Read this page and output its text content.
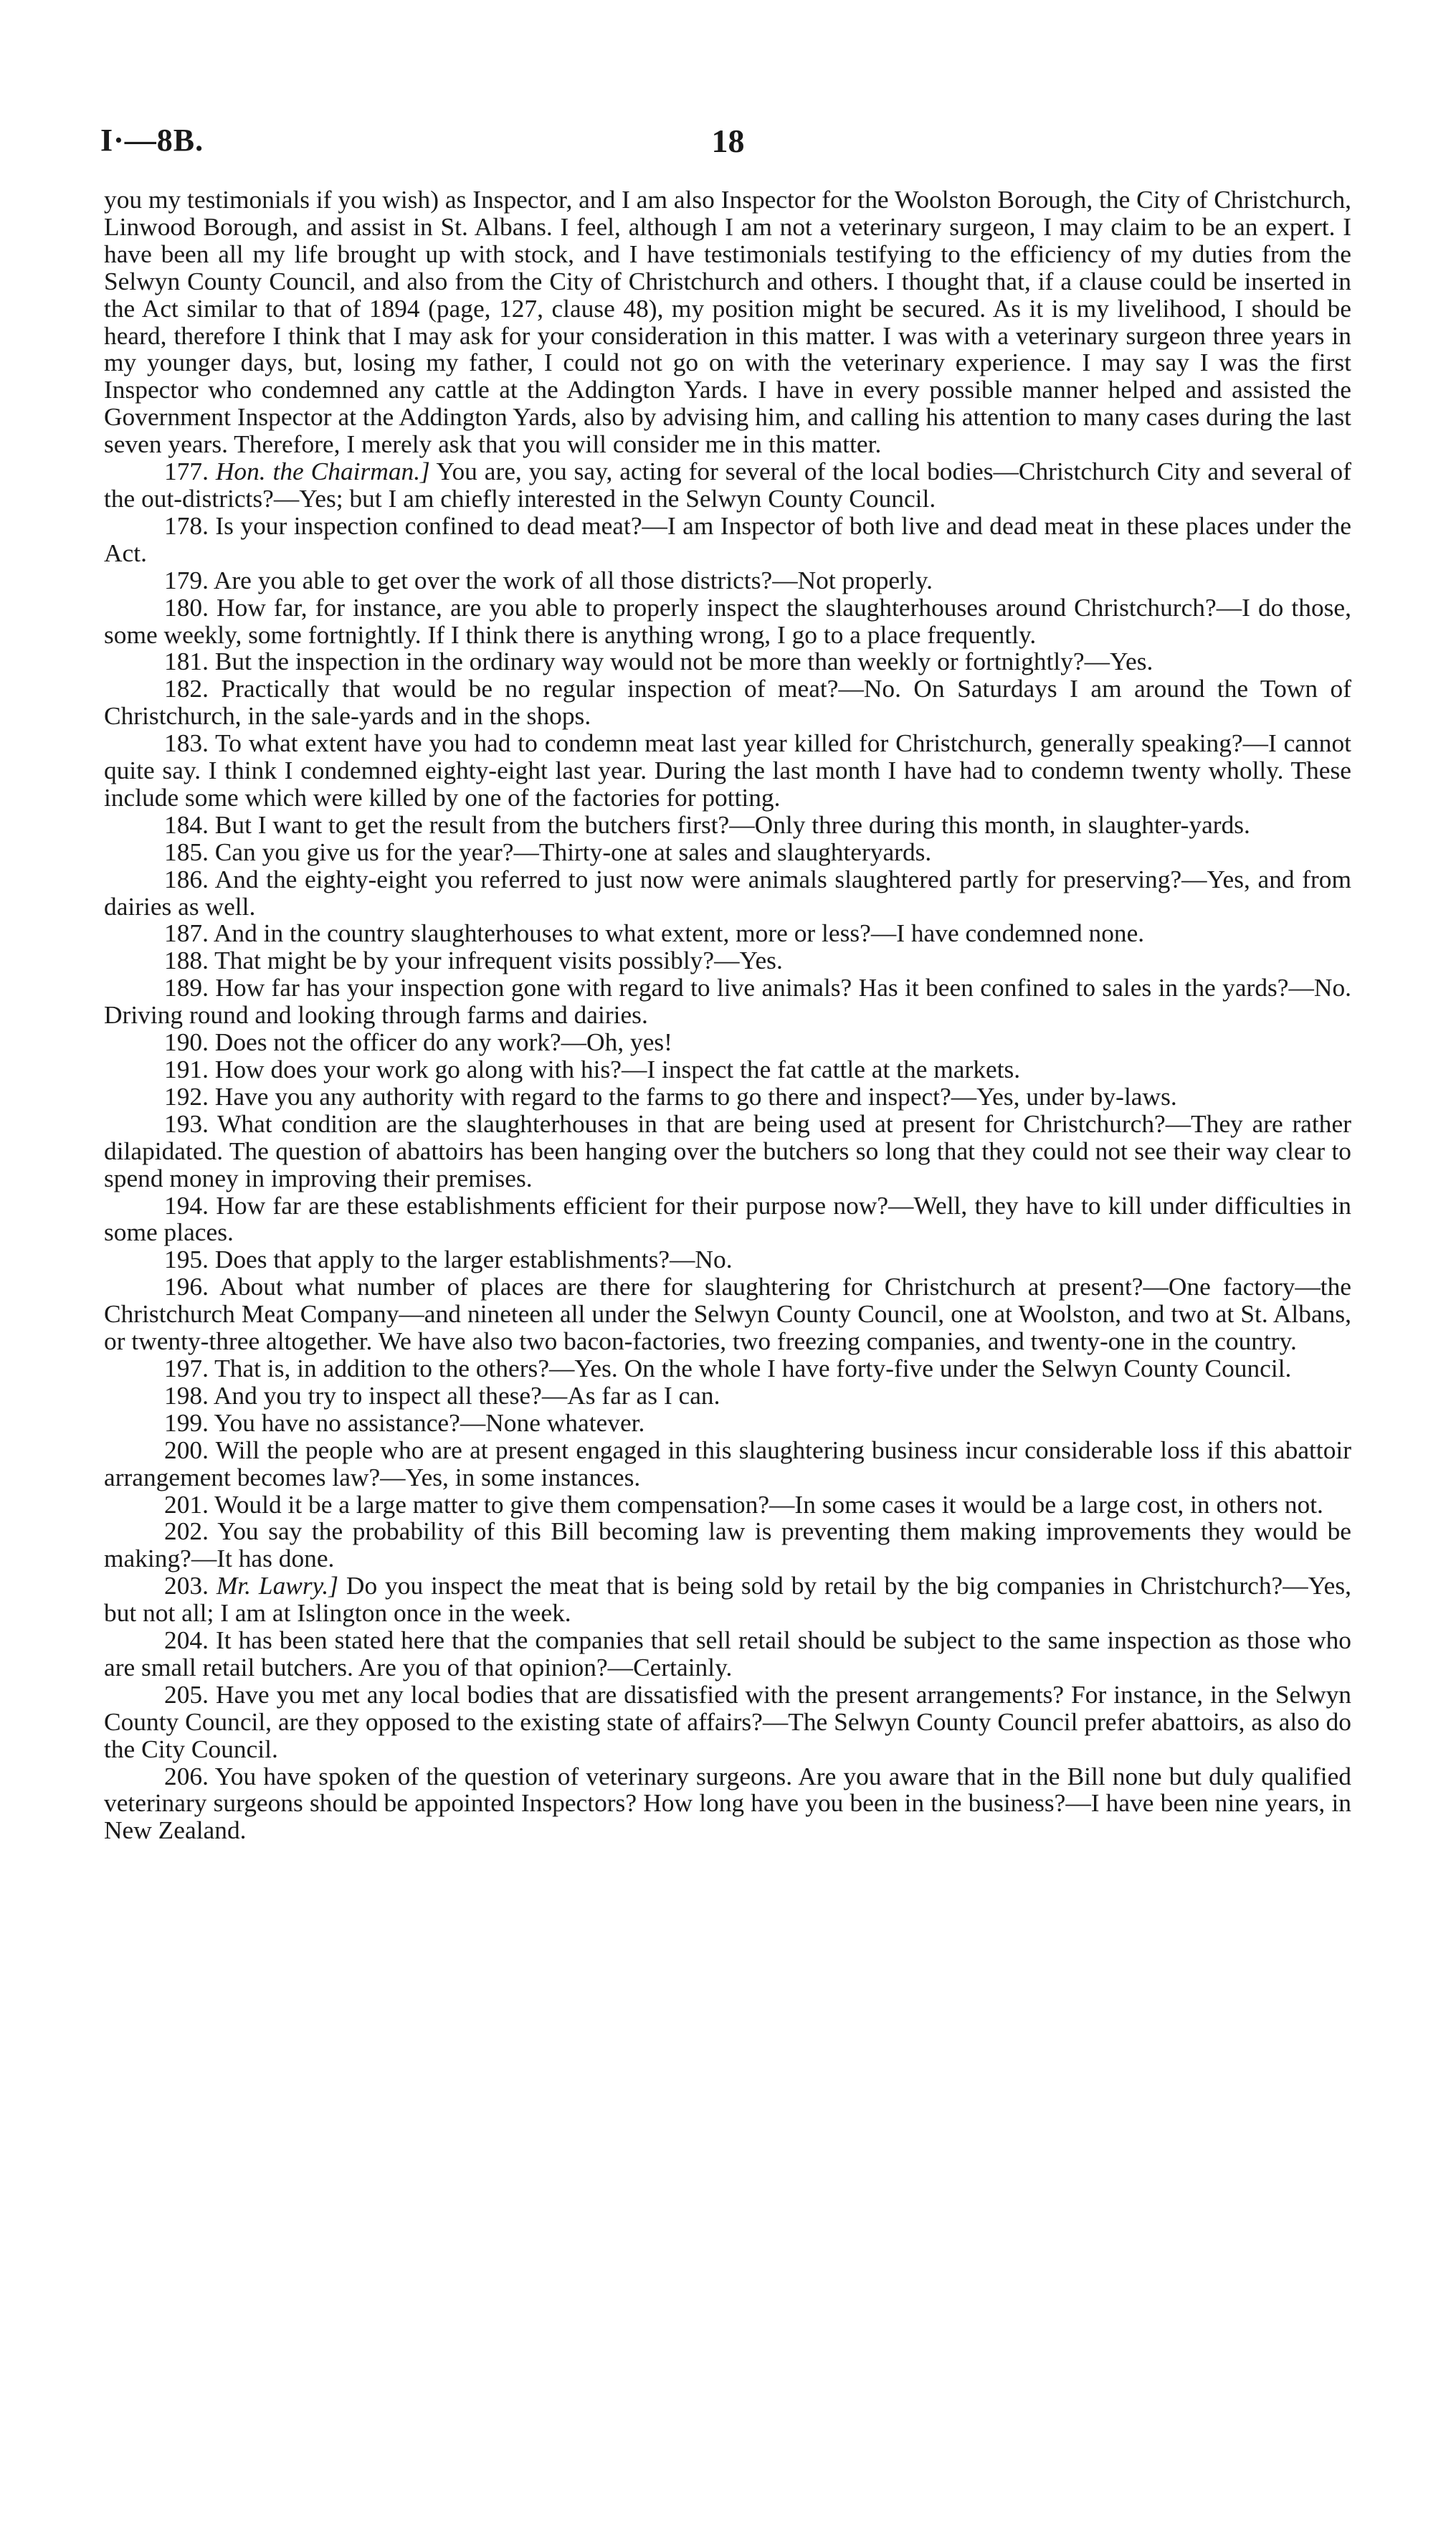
I·—8B.	18

you my testimonials if you wish) as Inspector, and I am also Inspector for the Woolston Borough, the City of Christchurch, Linwood Borough, and assist in St. Albans. I feel, although I am not a veterinary surgeon, I may claim to be an expert. I have been all my life brought up with stock, and I have testimonials testifying to the efficiency of my duties from the Selwyn County Council, and also from the City of Christchurch and others. I thought that, if a clause could be inserted in the Act similar to that of 1894 (page, 127, clause 48), my position might be secured. As it is my livelihood, I should be heard, therefore I think that I may ask for your consideration in this matter. I was with a veterinary surgeon three years in my younger days, but, losing my father, I could not go on with the veterinary experience. I may say I was the first Inspector who condemned any cattle at the Addington Yards. I have in every possible manner helped and assisted the Government Inspector at the Addington Yards, also by advising him, and calling his attention to many cases during the last seven years. Therefore, I merely ask that you will consider me in this matter.

177. Hon. the Chairman.] You are, you say, acting for several of the local bodies—Christchurch City and several of the out-districts?—Yes; but I am chiefly interested in the Selwyn County Council.

178. Is your inspection confined to dead meat?—I am Inspector of both live and dead meat in these places under the Act.

179. Are you able to get over the work of all those districts?—Not properly.

180. How far, for instance, are you able to properly inspect the slaughterhouses around Christchurch?—I do those, some weekly, some fortnightly. If I think there is anything wrong, I go to a place frequently.

181. But the inspection in the ordinary way would not be more than weekly or fortnightly?—Yes.

182. Practically that would be no regular inspection of meat?—No. On Saturdays I am around the Town of Christchurch, in the sale-yards and in the shops.

183. To what extent have you had to condemn meat last year killed for Christchurch, generally speaking?—I cannot quite say. I think I condemned eighty-eight last year. During the last month I have had to condemn twenty wholly. These include some which were killed by one of the factories for potting.

184. But I want to get the result from the butchers first?—Only three during this month, in slaughter-yards.

185. Can you give us for the year?—Thirty-one at sales and slaughteryards.

186. And the eighty-eight you referred to just now were animals slaughtered partly for preserving?—Yes, and from dairies as well.

187. And in the country slaughterhouses to what extent, more or less?—I have condemned none.

188. That might be by your infrequent visits possibly?—Yes.

189. How far has your inspection gone with regard to live animals? Has it been confined to sales in the yards?—No. Driving round and looking through farms and dairies.

190. Does not the officer do any work?—Oh, yes!

191. How does your work go along with his?—I inspect the fat cattle at the markets.

192. Have you any authority with regard to the farms to go there and inspect?—Yes, under by-laws.

193. What condition are the slaughterhouses in that are being used at present for Christchurch?—They are rather dilapidated. The question of abattoirs has been hanging over the butchers so long that they could not see their way clear to spend money in improving their premises.

194. How far are these establishments efficient for their purpose now?—Well, they have to kill under difficulties in some places.

195. Does that apply to the larger establishments?—No.

196. About what number of places are there for slaughtering for Christchurch at present?—One factory—the Christchurch Meat Company—and nineteen all under the Selwyn County Council, one at Woolston, and two at St. Albans, or twenty-three altogether. We have also two bacon-factories, two freezing companies, and twenty-one in the country.

197. That is, in addition to the others?—Yes. On the whole I have forty-five under the Selwyn County Council.

198. And you try to inspect all these?—As far as I can.

199. You have no assistance?—None whatever.

200. Will the people who are at present engaged in this slaughtering business incur considerable loss if this abattoir arrangement becomes law?—Yes, in some instances.

201. Would it be a large matter to give them compensation?—In some cases it would be a large cost, in others not.

202. You say the probability of this Bill becoming law is preventing them making improvements they would be making?—It has done.

203. Mr. Lawry.] Do you inspect the meat that is being sold by retail by the big companies in Christchurch?—Yes, but not all; I am at Islington once in the week.

204. It has been stated here that the companies that sell retail should be subject to the same inspection as those who are small retail butchers. Are you of that opinion?—Certainly.

205. Have you met any local bodies that are dissatisfied with the present arrangements? For instance, in the Selwyn County Council, are they opposed to the existing state of affairs?—The Selwyn County Council prefer abattoirs, as also do the City Council.

206. You have spoken of the question of veterinary surgeons. Are you aware that in the Bill none but duly qualified veterinary surgeons should be appointed Inspectors? How long have you been in the business?—I have been nine years, in New Zealand.
